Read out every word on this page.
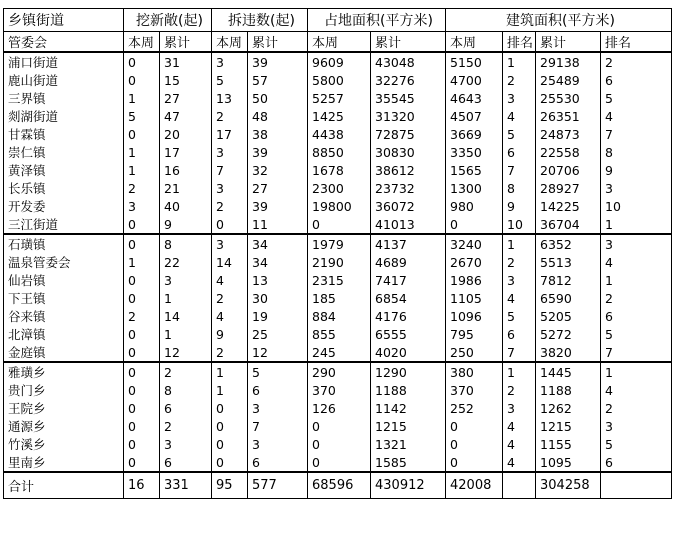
乡镇街道	挖新敞(起)		拆违数(起)		占地面积(平方米)		建筑面积(平方米)			
管委会	本周	累计	本周	累计	本周	累计	本周	排名	累计	排名
浦口街道	0	31	3	39	9609	43048	5150	1	29138	2
鹿山街道	0	15	5	57	5800	32276	4700	2	25489	6
三界镇	1	27	13	50	5257	35545	4643	3	25530	5
剡湖街道	5	47	2	48	1425	31320	4507	4	26351	4
甘霖镇	0	20	17	38	4438	72875	3669	5	24873	7
崇仁镇	1	17	3	39	8850	30830	3350	6	22558	8
黄泽镇	1	16	7	32	1678	38612	1565	7	20706	9
长乐镇	2	21	3	27	2300	23732	1300	8	28927	3
开发委	3	40	2	39	19800	36072	980	9	14225	10
三江街道	0	9	0	11	0	41013	0	10	36704	1
石璜镇	0	8	3	34	1979	4137	3240	1	6352	3
温泉管委会	1	22	14	34	2190	4689	2670	2	5513	4
仙岩镇	0	3	4	13	2315	7417	1986	3	7812	1
下王镇	0	1	2	30	185	6854	1105	4	6590	2
谷来镇	2	14	4	19	884	4176	1096	5	5205	6
北漳镇	0	1	9	25	855	6555	795	6	5272	5
金庭镇	0	12	2	12	245	4020	250	7	3820	7
雅璜乡	0	2	1	5	290	1290	380	1	1445	1
贵门乡	0	8	1	6	370	1188	370	2	1188	4
王院乡	0	6	0	3	126	1142	252	3	1262	2
通源乡	0	2	0	7	0	1215	0	4	1215	3
竹溪乡	0	3	0	3	0	1321	0	4	1155	5
里南乡	0	6	0	6	0	1585	0	4	1095	6
合计	16	331	95	577	68596	430912	42008		304258	
